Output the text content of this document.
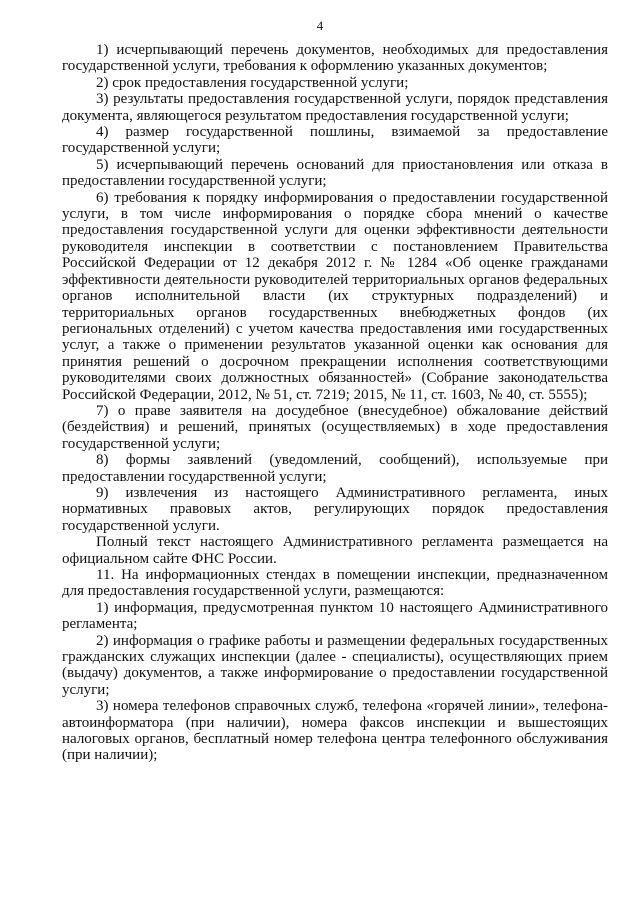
4

1) исчерпывающий перечень документов, необходимых для предоставления государственной услуги, требования к оформлению указанных документов;

2) срок предоставления государственной услуги;

3) результаты предоставления государственной услуги, порядок представления документа, являющегося результатом предоставления государственной услуги;

4) размер государственной пошлины, взимаемой за предоставление государственной услуги;

5) исчерпывающий перечень оснований для приостановления или отказа в предоставлении государственной услуги;

6) требования к порядку информирования о предоставлении государственной услуги, в том числе информирования о порядке сбора мнений о качестве предоставления государственной услуги для оценки эффективности деятельности руководителя инспекции в соответствии с постановлением Правительства Российской Федерации от 12 декабря 2012 г. № 1284 «Об оценке гражданами эффективности деятельности руководителей территориальных органов федеральных органов исполнительной власти (их структурных подразделений) и территориальных органов государственных внебюджетных фондов (их региональных отделений) с учетом качества предоставления ими государственных услуг, а также о применении результатов указанной оценки как основания для принятия решений о досрочном прекращении исполнения соответствующими руководителями своих должностных обязанностей» (Собрание законодательства Российской Федерации, 2012, № 51, ст. 7219; 2015, № 11, ст. 1603, № 40, ст. 5555);

7) о праве заявителя на досудебное (внесудебное) обжалование действий (бездействия) и решений, принятых (осуществляемых) в ходе предоставления государственной услуги;

8) формы заявлений (уведомлений, сообщений), используемые при предоставлении государственной услуги;

9) извлечения из настоящего Административного регламента, иных нормативных правовых актов, регулирующих порядок предоставления государственной услуги.

Полный текст настоящего Административного регламента размещается на официальном сайте ФНС России.

11. На информационных стендах в помещении инспекции, предназначенном для предоставления государственной услуги, размещаются:

1) информация, предусмотренная пунктом 10 настоящего Административного регламента;

2) информация о графике работы и размещении федеральных государственных гражданских служащих инспекции (далее - специалисты), осуществляющих прием (выдачу) документов, а также информирование о предоставлении государственной услуги;

3) номера телефонов справочных служб, телефона «горячей линии», телефона-автоинформатора (при наличии), номера факсов инспекции и вышестоящих налоговых органов, бесплатный номер телефона центра телефонного обслуживания (при наличии);
